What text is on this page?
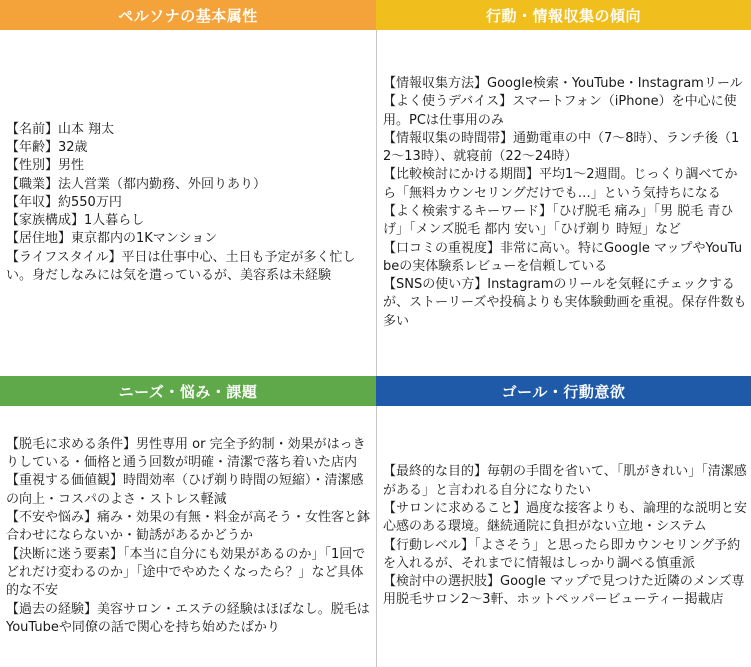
ペルソナの基本属性	行動・情報収集の傾向
【名前】山本 翔太
【年齢】32歳
【性別】男性
【職業】法人営業（都内勤務、外回りあり）
【年収】約550万円
【家族構成】1人暮らし
【居住地】東京都内の1Kマンション
【ライフスタイル】平日は仕事中心、土日も予定が多く忙しい。身だしなみには気を遣っているが、美容系は未経験
【情報収集方法】Google検索・YouTube・Instagramリール
【よく使うデバイス】スマートフォン（iPhone）を中心に使用。PCは仕事用のみ
【情報収集の時間帯】通勤電車の中（7〜8時）、ランチ後（12〜13時）、就寝前（22〜24時）
【比較検討にかける期間】平均1〜2週間。じっくり調べてから「無料カウンセリングだけでも…」という気持ちになる
【よく検索するキーワード】「ひげ脱毛 痛み」「男 脱毛 青ひげ」「メンズ脱毛 都内 安い」「ひげ剃り 時短」など
【口コミの重視度】非常に高い。特にGoogle マップやYouTubeの実体験系レビューを信頼している
【SNSの使い方】Instagramのリールを気軽にチェックするが、ストーリーズや投稿よりも実体験動画を重視。保存件数も多い
ニーズ・悩み・課題	ゴール・行動意欲
【脱毛に求める条件】男性専用 or 完全予約制・効果がはっきりしている・価格と通う回数が明確・清潔で落ち着いた店内
【重視する価値観】時間効率（ひげ剃り時間の短縮）・清潔感の向上・コスパのよさ・ストレス軽減
【不安や悩み】痛み・効果の有無・料金が高そう・女性客と鉢合わせにならないか・勧誘があるかどうか
【決断に迷う要素】「本当に自分にも効果があるのか」「1回でどれだけ変わるのか」「途中でやめたくなったら？」など具体的な不安
【過去の経験】美容サロン・エステの経験はほぼなし。脱毛はYouTubeや同僚の話で関心を持ち始めたばかり
【最終的な目的】毎朝の手間を省いて、「肌がきれい」「清潔感がある」と言われる自分になりたい
【サロンに求めること】過度な接客よりも、論理的な説明と安心感のある環境。継続通院に負担がない立地・システム
【行動レベル】「よさそう」と思ったら即カウンセリング予約を入れるが、それまでに情報はしっかり調べる慎重派
【検討中の選択肢】Google マップで見つけた近隣のメンズ専用脱毛サロン2〜3軒、ホットペッパービューティー掲載店
